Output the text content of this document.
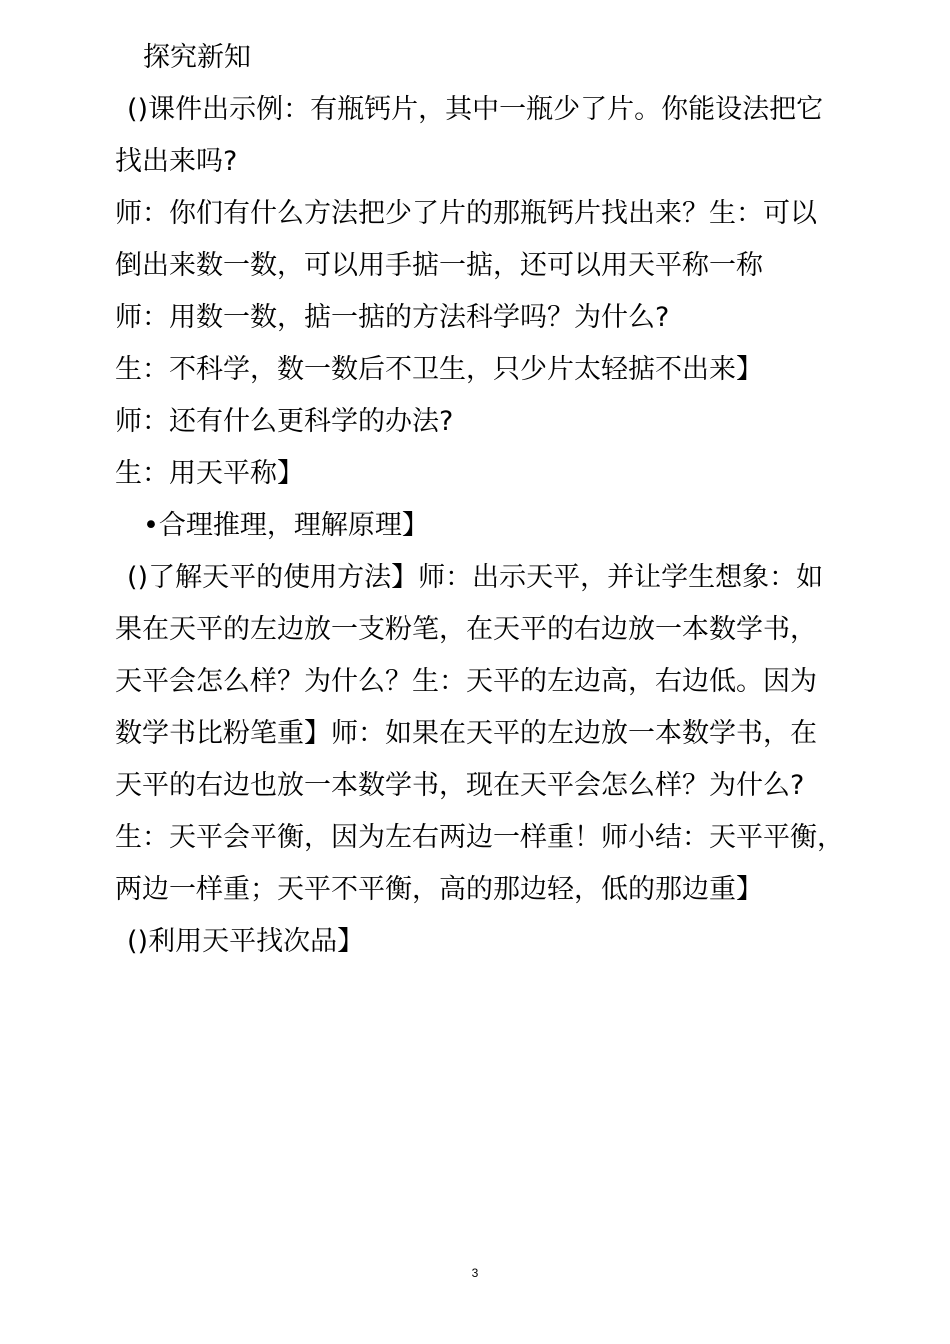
探究新知
()课件出示例：有瓶钙片，其中一瓶少了片。你能设法把它
找出来吗?
师：你们有什么方法把少了片的那瓶钙片找出来？生：可以
倒出来数一数，可以用手掂一掂，还可以用天平称一称
师：用数一数，掂一掂的方法科学吗？为什么?
生：不科学，数一数后不卫生，只少片太轻掂不出来】
师：还有什么更科学的办法?
生：用天平称】
•合理推理，理解原理】
()了解天平的使用方法】师：出示天平，并让学生想象：如
果在天平的左边放一支粉笔，在天平的右边放一本数学书，
天平会怎么样？为什么？生：天平的左边高，右边低。因为
数学书比粉笔重】师：如果在天平的左边放一本数学书，在
天平的右边也放一本数学书，现在天平会怎么样？为什么?
生：天平会平衡，因为左右两边一样重！师小结：天平平衡，
两边一样重；天平不平衡，高的那边轻，低的那边重】
()利用天平找次品】
3
